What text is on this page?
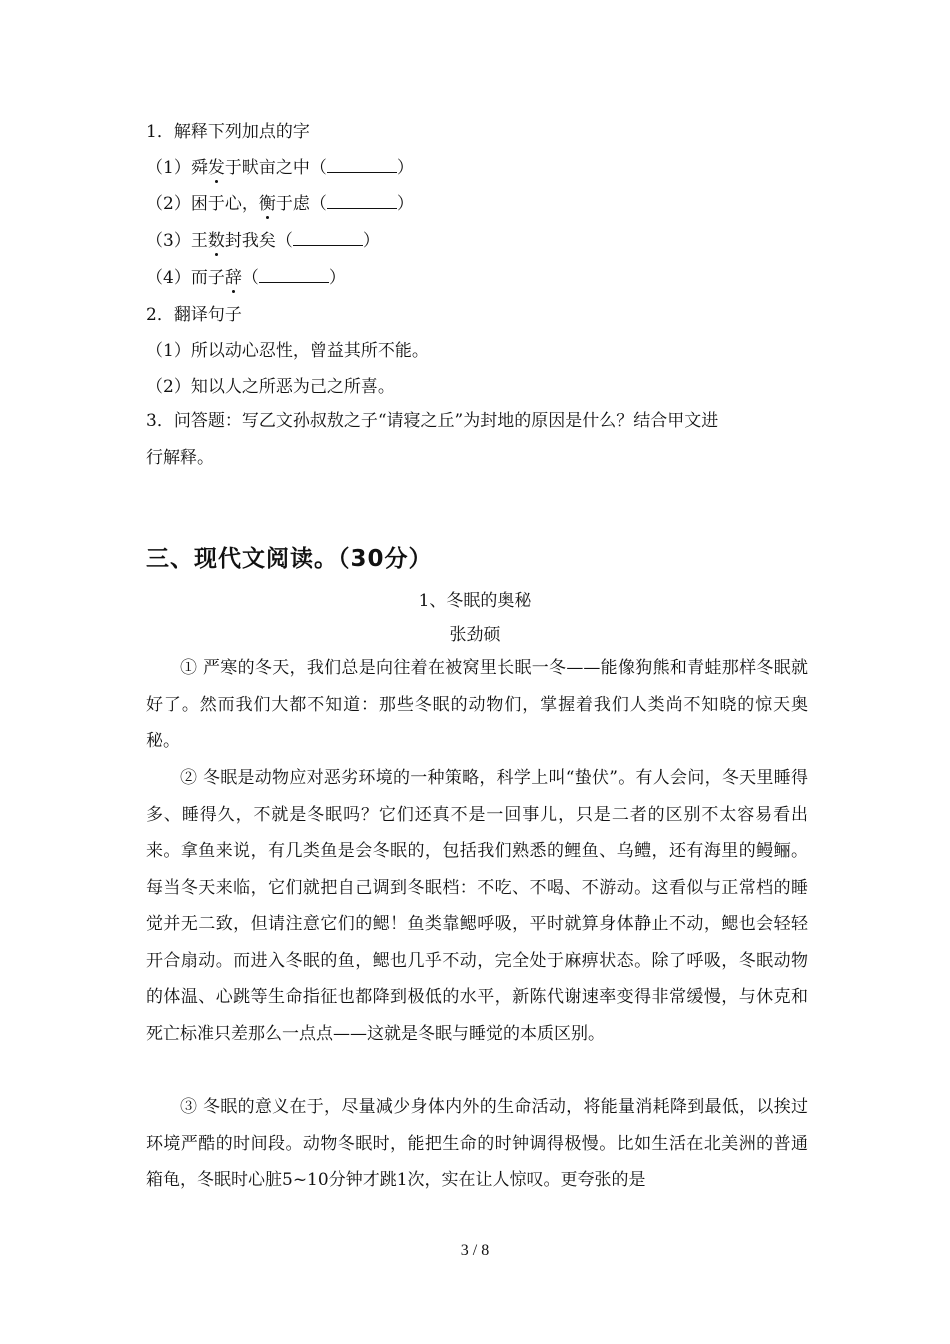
1．解释下列加点的字
（1）舜发于畎亩之中（	）
（2）困于心，衡于虑（	）
（3）王数封我矣（	）
（4）而子辞（	）
2．翻译句子
（1）所以动心忍性，曾益其所不能。
（2）知以人之所恶为己之所喜。
3．问答题：写乙文孙叔敖之子“请寝之丘”为封地的原因是什么？结合甲文进
行解释。
三、现代文阅读。（30分）
1、冬眠的奥秘
张劲硕

① 严寒的冬天，我们总是向往着在被窝里长眠一冬——能像狗熊和青蛙那样冬眠就好了。然而我们大都不知道：那些冬眠的动物们，掌握着我们人类尚不知晓的惊天奥秘。

② 冬眠是动物应对恶劣环境的一种策略，科学上叫“蛰伏”。有人会问，冬天里睡得多、睡得久，不就是冬眠吗？它们还真不是一回事儿，只是二者的区别不太容易看出来。拿鱼来说，有几类鱼是会冬眠的，包括我们熟悉的鲤鱼、乌鳢，还有海里的鳗鲡。每当冬天来临，它们就把自己调到冬眠档：不吃、不喝、不游动。这看似与正常档的睡觉并无二致，但请注意它们的鳃！鱼类靠鳃呼吸，平时就算身体静止不动，鳃也会轻轻开合扇动。而进入冬眠的鱼，鳃也几乎不动，完全处于麻痹状态。除了呼吸，冬眠动物的体温、心跳等生命指征也都降到极低的水平，新陈代谢速率变得非常缓慢，与休克和死亡标准只差那么一点点——这就是冬眠与睡觉的本质区别。

③ 冬眠的意义在于，尽量减少身体内外的生命活动，将能量消耗降到最低，以挨过环境严酷的时间段。动物冬眠时，能把生命的时钟调得极慢。比如生活在北美洲的普通箱龟，冬眠时心脏5~10分钟才跳1次，实在让人惊叹。更夸张的是

3 / 8
